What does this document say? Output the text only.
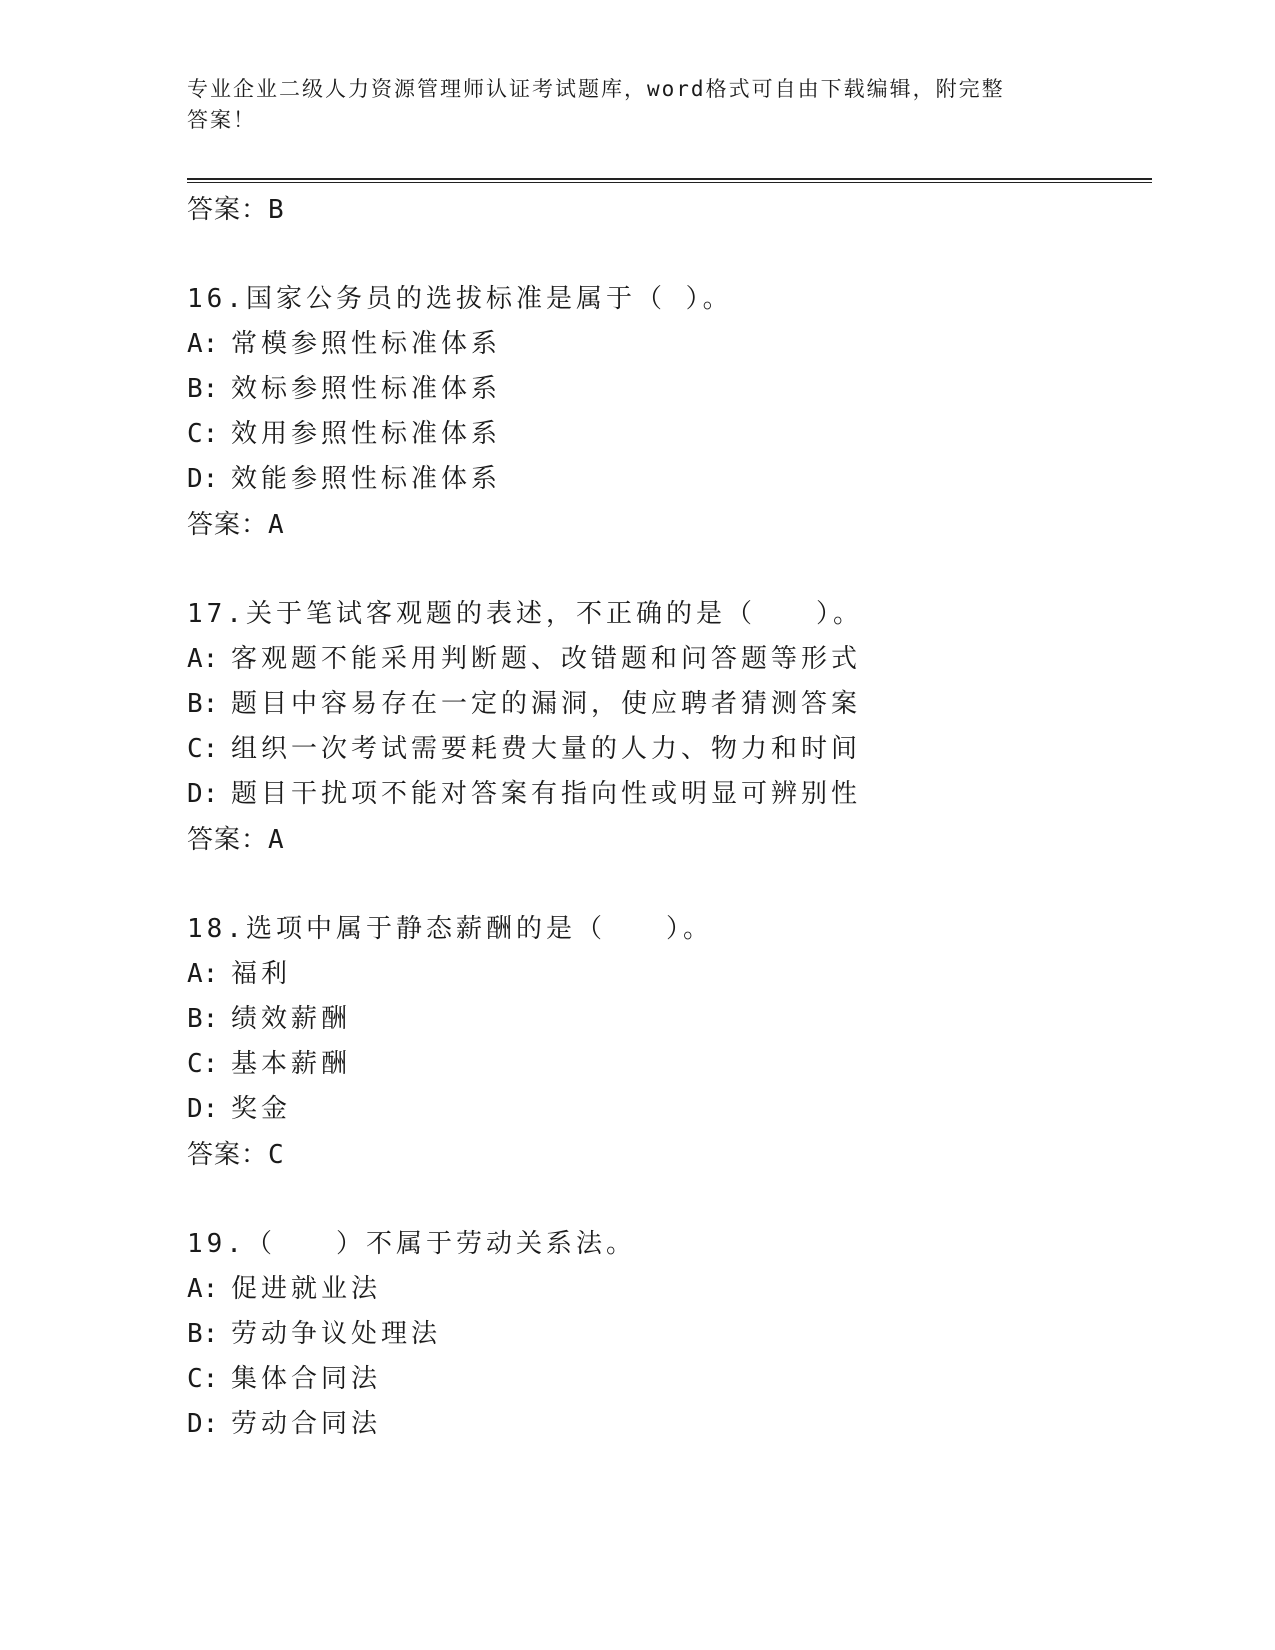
专业企业二级人力资源管理师认证考试题库，word格式可自由下载编辑，附完整
答案！
答案：B
16.国家公务员的选拔标准是属于（ ）。
A: 常模参照性标准体系
B: 效标参照性标准体系
C: 效用参照性标准体系
D: 效能参照性标准体系
答案：A
17.关于笔试客观题的表述，不正确的是（　　）。
A: 客观题不能采用判断题、改错题和问答题等形式
B: 题目中容易存在一定的漏洞，使应聘者猜测答案
C: 组织一次考试需要耗费大量的人力、物力和时间
D: 题目干扰项不能对答案有指向性或明显可辨别性
答案：A
18.选项中属于静态薪酬的是（　　）。
A: 福利
B: 绩效薪酬
C: 基本薪酬
D: 奖金
答案：C
19.（　　）不属于劳动关系法。
A: 促进就业法
B: 劳动争议处理法
C: 集体合同法
D: 劳动合同法
